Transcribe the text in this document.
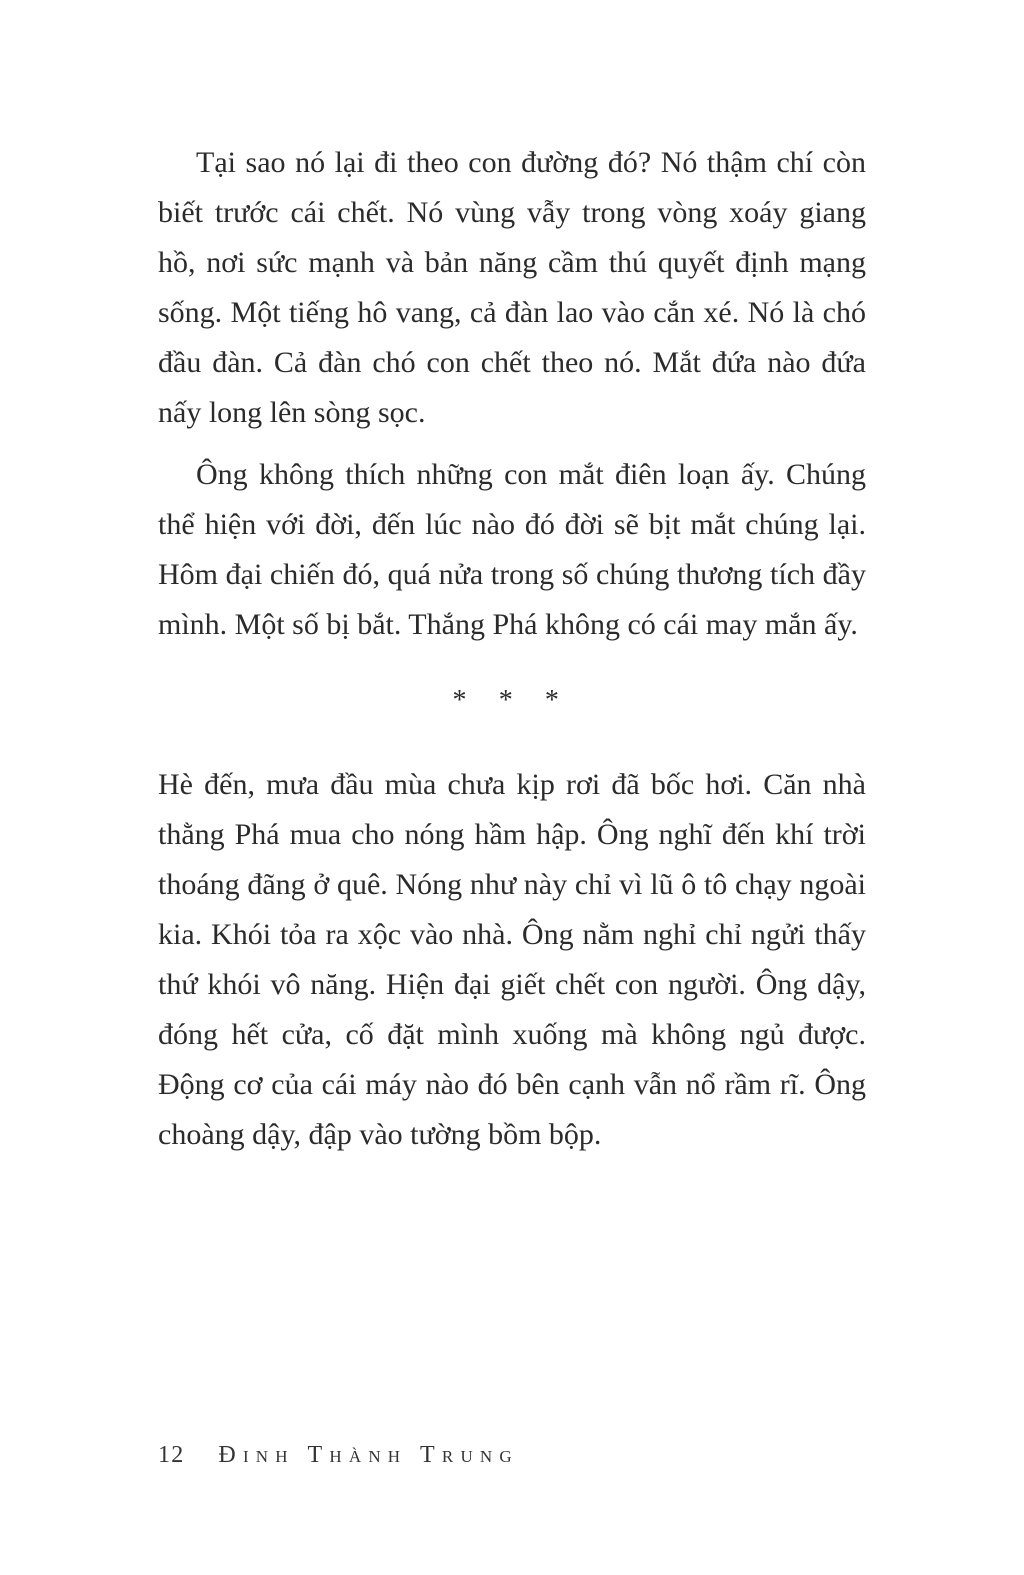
Tại sao nó lại đi theo con đường đó? Nó thậm chí còn biết trước cái chết. Nó vùng vẫy trong vòng xoáy giang hồ, nơi sức mạnh và bản năng cầm thú quyết định mạng sống. Một tiếng hô vang, cả đàn lao vào cắn xé. Nó là chó đầu đàn. Cả đàn chó con chết theo nó. Mắt đứa nào đứa nấy long lên sòng sọc.

Ông không thích những con mắt điên loạn ấy. Chúng thể hiện với đời, đến lúc nào đó đời sẽ bịt mắt chúng lại. Hôm đại chiến đó, quá nửa trong số chúng thương tích đầy mình. Một số bị bắt. Thắng Phá không có cái may mắn ấy.

* * *

Hè đến, mưa đầu mùa chưa kịp rơi đã bốc hơi. Căn nhà thằng Phá mua cho nóng hầm hập. Ông nghĩ đến khí trời thoáng đãng ở quê. Nóng như này chỉ vì lũ ô tô chạy ngoài kia. Khói tỏa ra xộc vào nhà. Ông nằm nghỉ chỉ ngửi thấy thứ khói vô năng. Hiện đại giết chết con người. Ông dậy, đóng hết cửa, cố đặt mình xuống mà không ngủ được. Động cơ của cái máy nào đó bên cạnh vẫn nổ rầm rĩ. Ông choàng dậy, đập vào tường bồm bộp.

12 Đinh Thành Trung
